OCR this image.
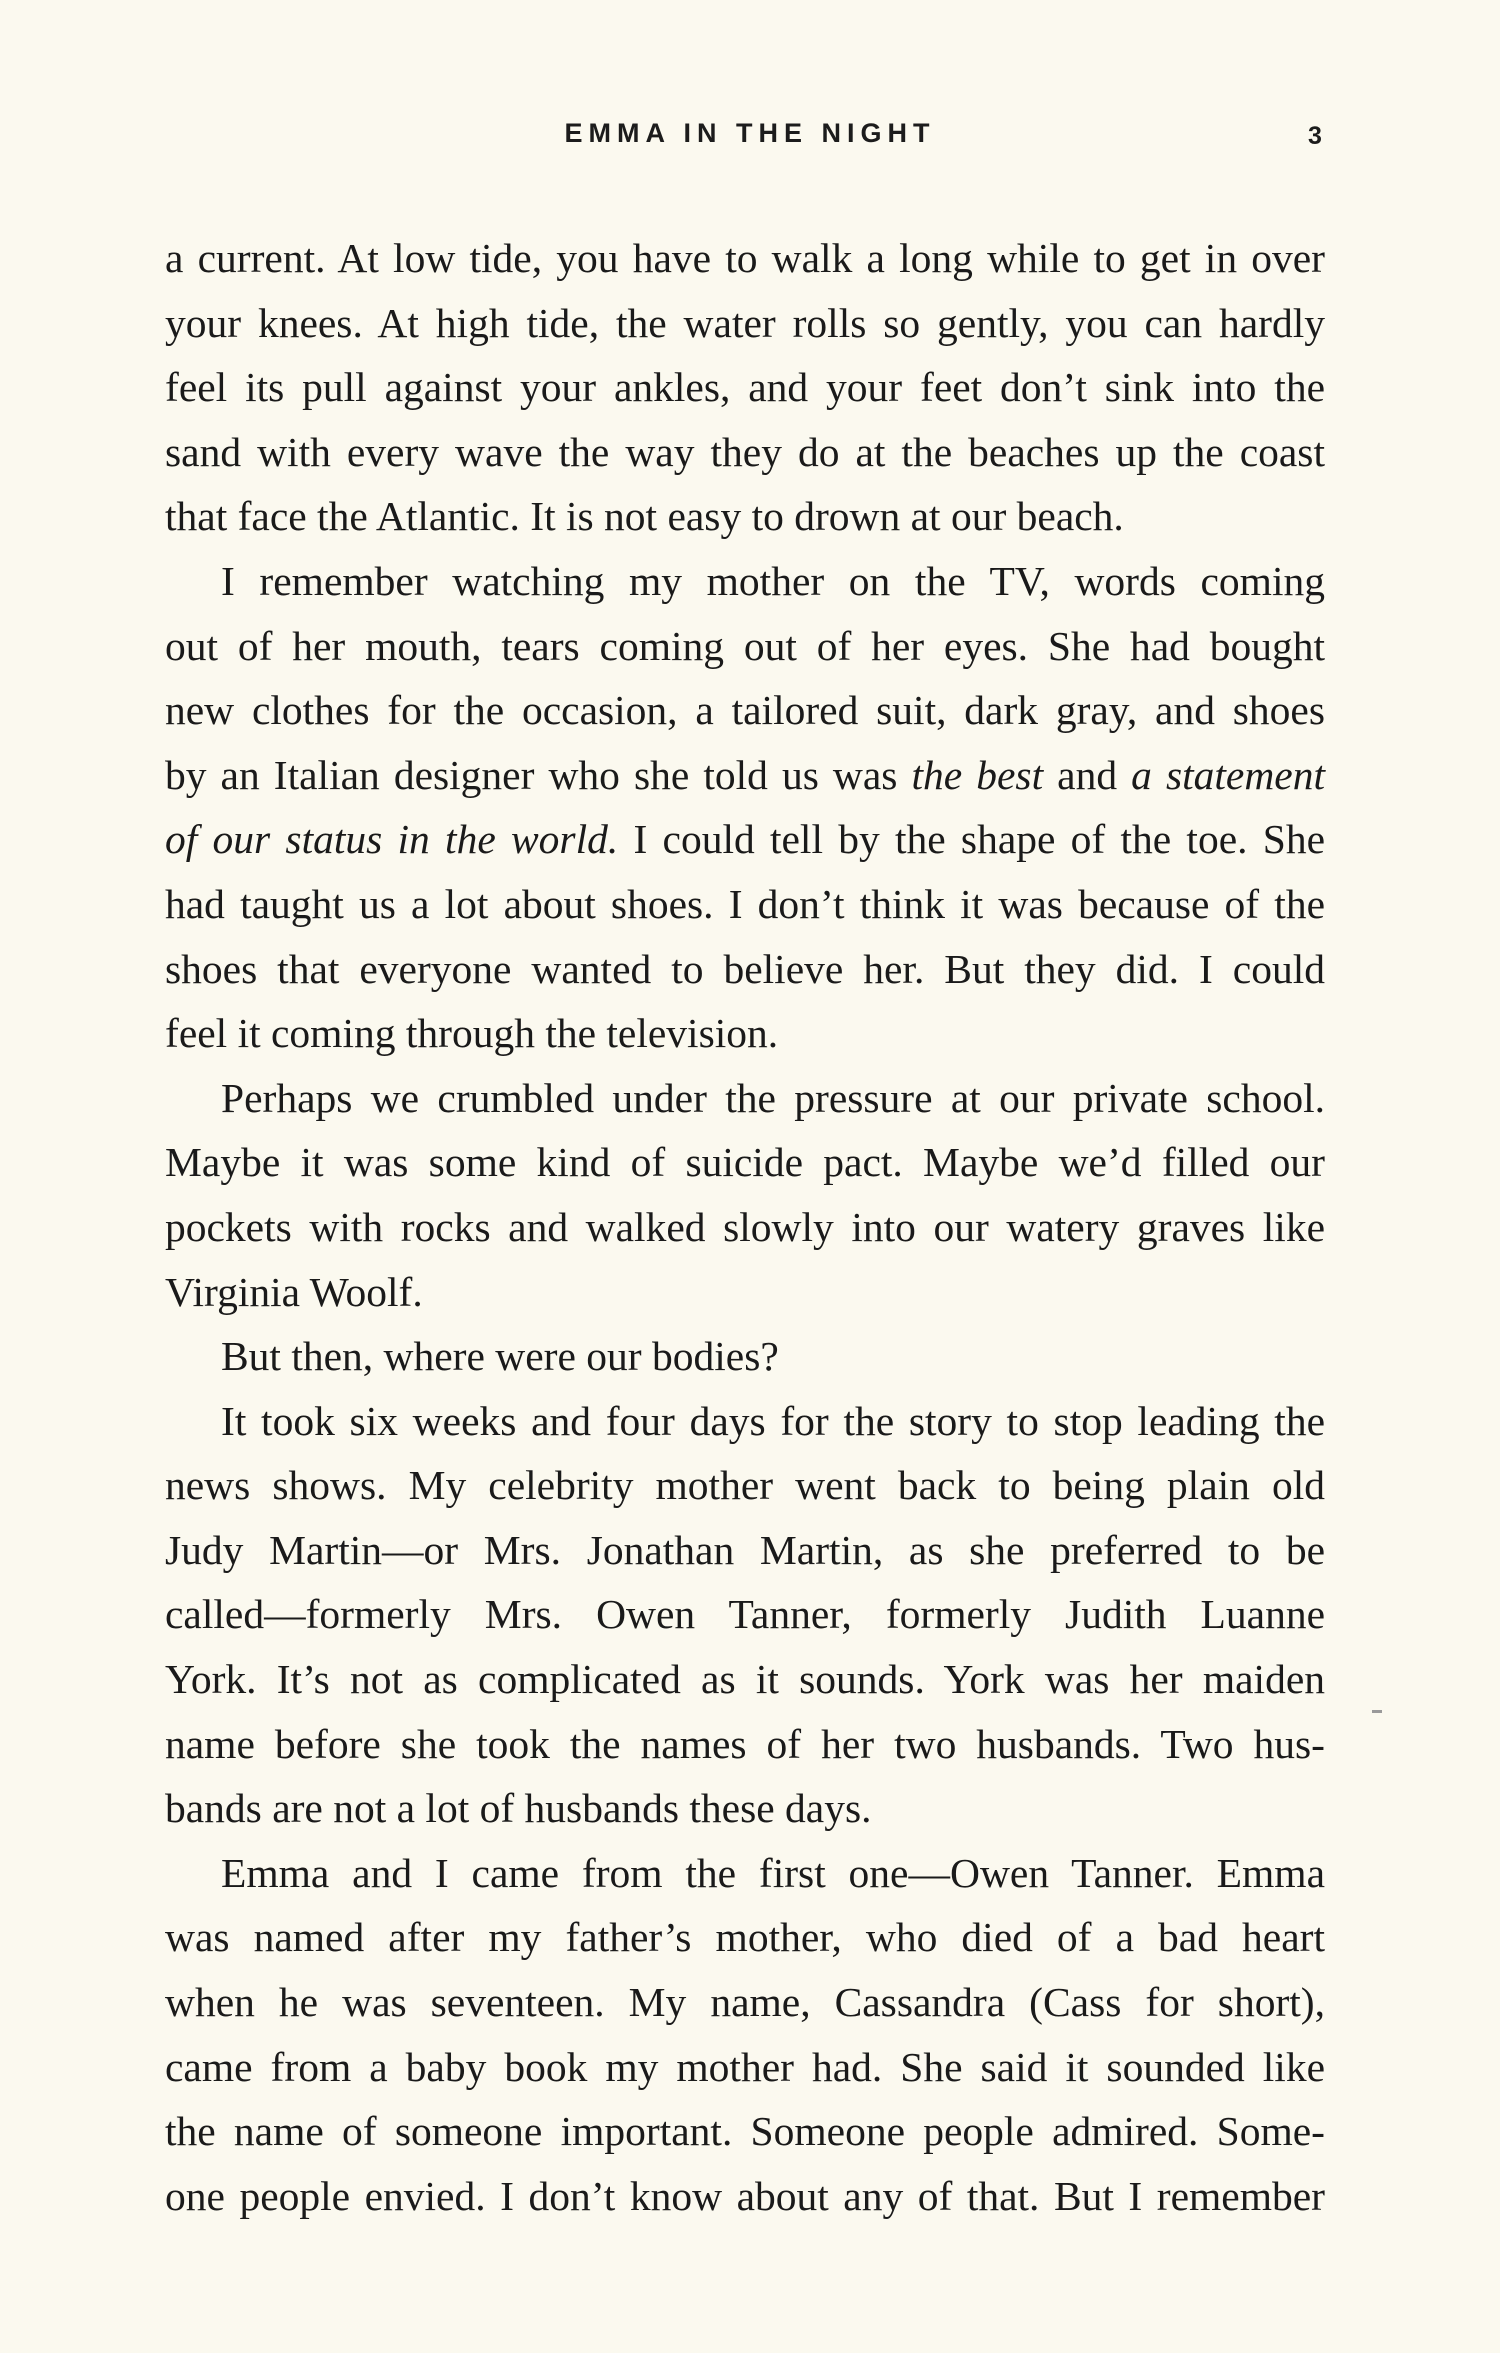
EMMA IN THE NIGHT	3
a current. At low tide, you have to walk a long while to get in over
your knees. At high tide, the water rolls so gently, you can hardly
feel its pull against your ankles, and your feet don’t sink into the
sand with every wave the way they do at the beaches up the coast
that face the Atlantic. It is not easy to drown at our beach.
I remember watching my mother on the TV, words coming
out of her mouth, tears coming out of her eyes. She had bought
new clothes for the occasion, a tailored suit, dark gray, and shoes
by an Italian designer who she told us was the best and a statement
of our status in the world. I could tell by the shape of the toe. She
had taught us a lot about shoes. I don’t think it was because of the
shoes that everyone wanted to believe her. But they did. I could
feel it coming through the television.
Perhaps we crumbled under the pressure at our private school.
Maybe it was some kind of suicide pact. Maybe we’d filled our
pockets with rocks and walked slowly into our watery graves like
Virginia Woolf.
But then, where were our bodies?
It took six weeks and four days for the story to stop leading the
news shows. My celebrity mother went back to being plain old
Judy Martin—or Mrs. Jonathan Martin, as she preferred to be
called—formerly Mrs. Owen Tanner, formerly Judith Luanne
York. It’s not as complicated as it sounds. York was her maiden
name before she took the names of her two husbands. Two hus-
bands are not a lot of husbands these days.
Emma and I came from the first one—Owen Tanner. Emma
was named after my father’s mother, who died of a bad heart
when he was seventeen. My name, Cassandra (Cass for short),
came from a baby book my mother had. She said it sounded like
the name of someone important. Someone people admired. Some-
one people envied. I don’t know about any of that. But I remember
